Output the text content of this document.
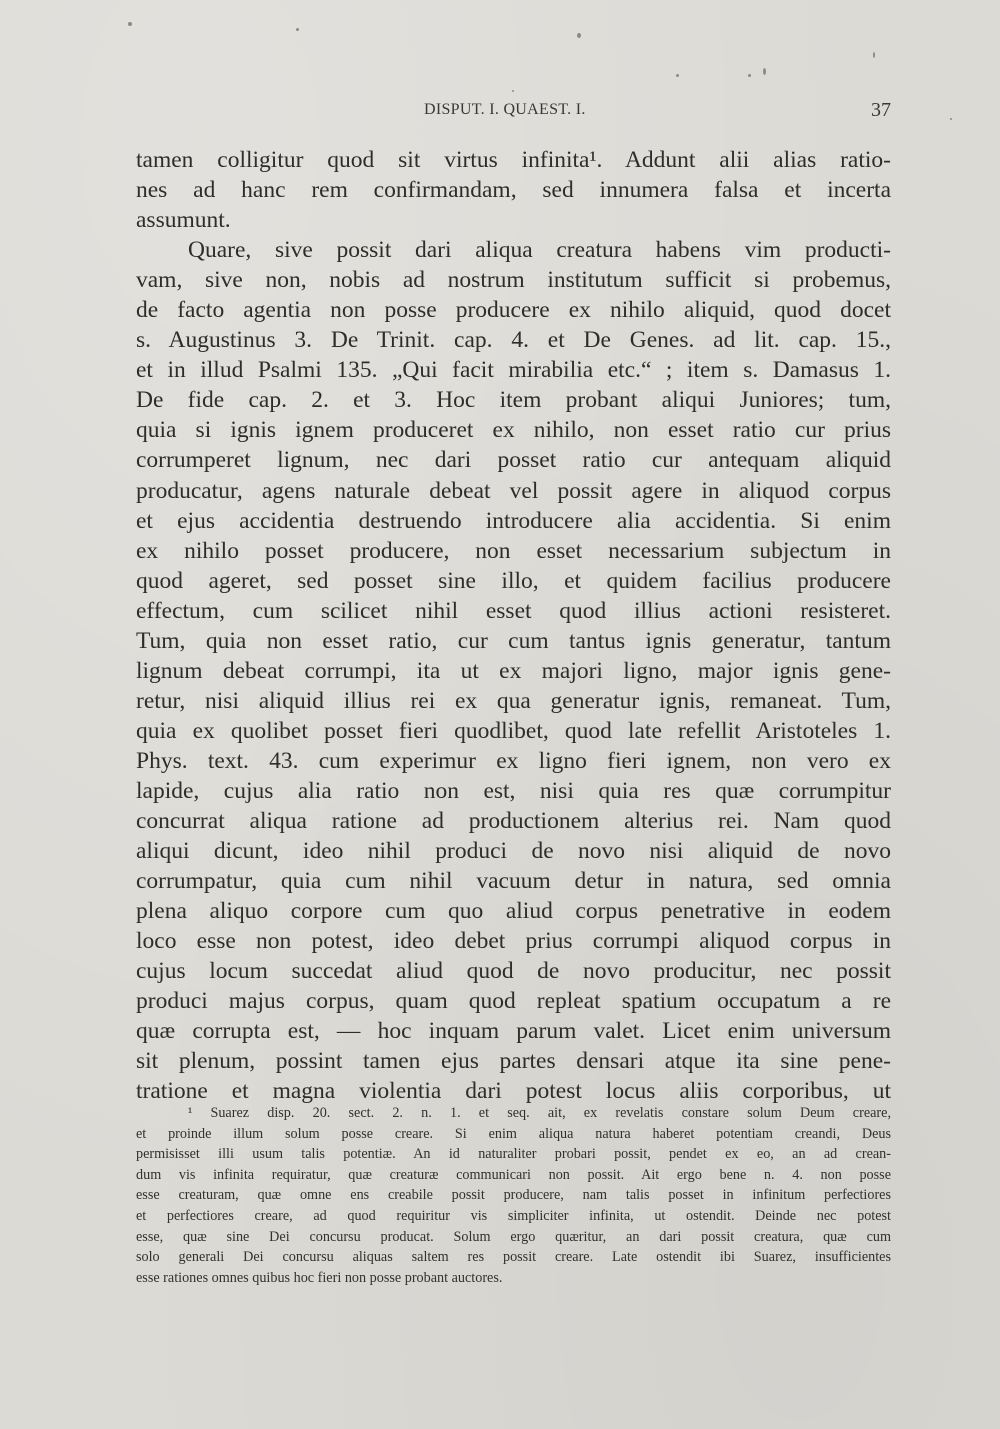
DISPUT. I. QUAEST. I.	37
tamen colligitur quod sit virtus infinita¹. Addunt alii alias ratio-
nes ad hanc rem confirmandam, sed innumera falsa et incerta
assumunt.
Quare, sive possit dari aliqua creatura habens vim producti-
vam, sive non, nobis ad nostrum institutum sufficit si probemus,
de facto agentia non posse producere ex nihilo aliquid, quod docet
s. Augustinus 3. De Trinit. cap. 4. et De Genes. ad lit. cap. 15.,
et in illud Psalmi 135. „Qui facit mirabilia etc.“ ; item s. Damasus 1.
De fide cap. 2. et 3. Hoc item probant aliqui Juniores; tum,
quia si ignis ignem produceret ex nihilo, non esset ratio cur prius
corrumperet lignum, nec dari posset ratio cur antequam aliquid
producatur, agens naturale debeat vel possit agere in aliquod corpus
et ejus accidentia destruendo introducere alia accidentia. Si enim
ex nihilo posset producere, non esset necessarium subjectum in
quod ageret, sed posset sine illo, et quidem facilius producere
effectum, cum scilicet nihil esset quod illius actioni resisteret.
Tum, quia non esset ratio, cur cum tantus ignis generatur, tantum
lignum debeat corrumpi, ita ut ex majori ligno, major ignis gene-
retur, nisi aliquid illius rei ex qua generatur ignis, remaneat. Tum,
quia ex quolibet posset fieri quodlibet, quod late refellit Aristoteles 1.
Phys. text. 43. cum experimur ex ligno fieri ignem, non vero ex
lapide, cujus alia ratio non est, nisi quia res quæ corrumpitur
concurrat aliqua ratione ad productionem alterius rei. Nam quod
aliqui dicunt, ideo nihil produci de novo nisi aliquid de novo
corrumpatur, quia cum nihil vacuum detur in natura, sed omnia
plena aliquo corpore cum quo aliud corpus penetrative in eodem
loco esse non potest, ideo debet prius corrumpi aliquod corpus in
cujus locum succedat aliud quod de novo producitur, nec possit
produci majus corpus, quam quod repleat spatium occupatum a re
quæ corrupta est, — hoc inquam parum valet. Licet enim universum
sit plenum, possint tamen ejus partes densari atque ita sine pene-
tratione et magna violentia dari potest locus aliis corporibus, ut
¹ Suarez disp. 20. sect. 2. n. 1. et seq. ait, ex revelatis constare solum Deum creare,
et proinde illum solum posse creare. Si enim aliqua natura haberet potentiam creandi, Deus
permisisset illi usum talis potentiæ. An id naturaliter probari possit, pendet ex eo, an ad crean-
dum vis infinita requiratur, quæ creaturæ communicari non possit. Ait ergo bene n. 4. non posse
esse creaturam, quæ omne ens creabile possit producere, nam talis posset in infinitum perfectiores
et perfectiores creare, ad quod requiritur vis simpliciter infinita, ut ostendit. Deinde nec potest
esse, quæ sine Dei concursu producat. Solum ergo quæritur, an dari possit creatura, quæ cum
solo generali Dei concursu aliquas saltem res possit creare. Late ostendit ibi Suarez, insufficientes
esse rationes omnes quibus hoc fieri non posse probant auctores.
